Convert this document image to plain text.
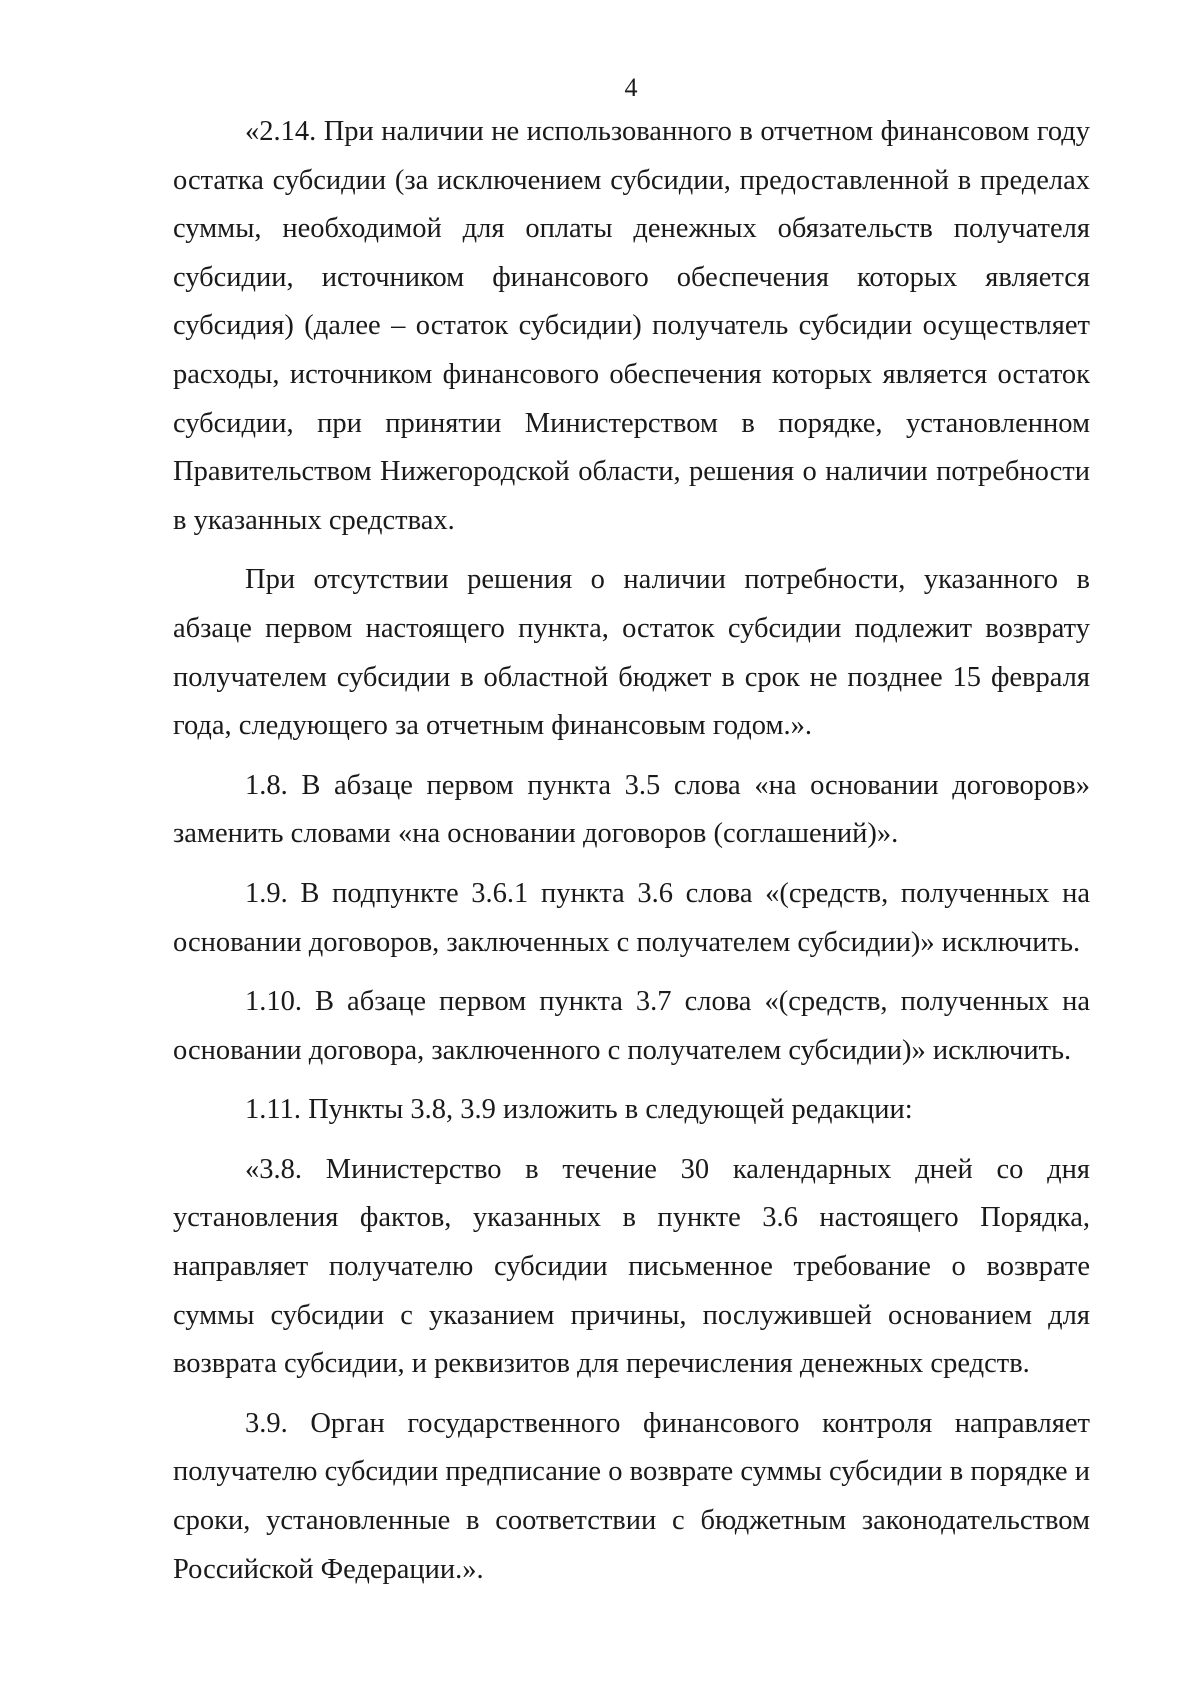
4

«2.14. При наличии не использованного в отчетном финансовом году остатка субсидии (за исключением субсидии, предоставленной в пределах суммы, необходимой для оплаты денежных обязательств получателя субсидии, источником финансового обеспечения которых является субсидия) (далее – остаток субсидии) получатель субсидии осуществляет расходы, источником финансового обеспечения которых является остаток субсидии, при принятии Министерством в порядке, установленном Правительством Нижегородской области, решения о наличии потребности в указанных средствах.

При отсутствии решения о наличии потребности, указанного в абзаце первом настоящего пункта, остаток субсидии подлежит возврату получателем субсидии в областной бюджет в срок не позднее 15 февраля года, следующего за отчетным финансовым годом.».

1.8. В абзаце первом пункта 3.5 слова «на основании договоров» заменить словами «на основании договоров (соглашений)».

1.9. В подпункте 3.6.1 пункта 3.6 слова «(средств, полученных на основании договоров, заключенных с получателем субсидии)» исключить.

1.10. В абзаце первом пункта 3.7 слова «(средств, полученных на основании договора, заключенного с получателем субсидии)» исключить.

1.11. Пункты 3.8, 3.9 изложить в следующей редакции:

«3.8. Министерство в течение 30 календарных дней со дня установления фактов, указанных в пункте 3.6 настоящего Порядка, направляет получателю субсидии письменное требование о возврате суммы субсидии с указанием причины, послужившей основанием для возврата субсидии, и реквизитов для перечисления денежных средств.

3.9. Орган государственного финансового контроля направляет получателю субсидии предписание о возврате суммы субсидии в порядке и сроки, установленные в соответствии с бюджетным законодательством Российской Федерации.».
